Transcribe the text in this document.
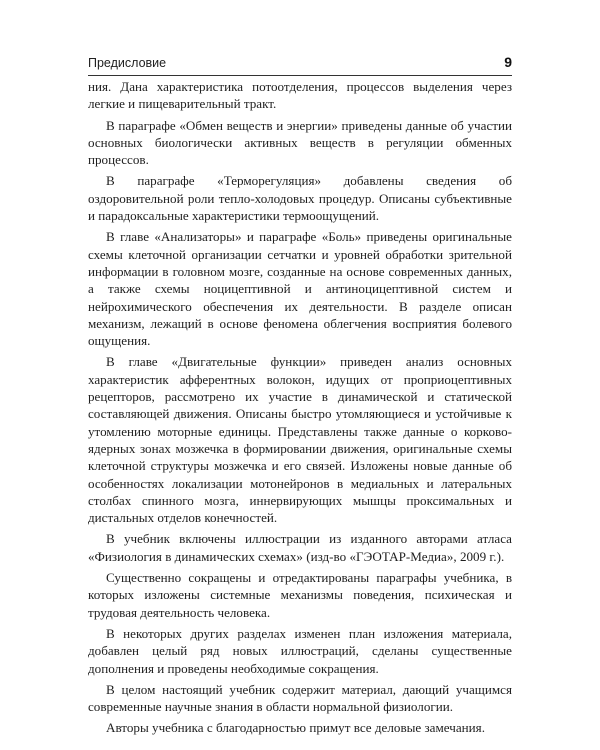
Предисловие	9

ния. Дана характеристика потоотделения, процессов выделения через легкие и пищеварительный тракт.

В параграфе «Обмен веществ и энергии» приведены данные об участии основных биологически активных веществ в регуляции обменных процессов.

В параграфе «Терморегуляция» добавлены сведения об оздоровительной роли тепло-холодовых процедур. Описаны субъективные и парадоксальные характеристики термоощущений.

В главе «Анализаторы» и параграфе «Боль» приведены оригинальные схемы клеточной организации сетчатки и уровней обработки зрительной информации в головном мозге, созданные на основе современных данных, а также схемы ноцицептивной и антиноцицептивной систем и нейрохимического обеспечения их деятельности. В разделе описан механизм, лежащий в основе феномена облегчения восприятия болевого ощущения.

В главе «Двигательные функции» приведен анализ основных характеристик афферентных волокон, идущих от проприоцептивных рецепторов, рассмотрено их участие в динамической и статической составляющей движения. Описаны быстро утомляющиеся и устойчивые к утомлению моторные единицы. Представлены также данные о корково-ядерных зонах мозжечка в формировании движения, оригинальные схемы клеточной структуры мозжечка и его связей. Изложены новые данные об особенностях локализации мотонейронов в медиальных и латеральных столбах спинного мозга, иннервирующих мышцы проксимальных и дистальных отделов конечностей.

В учебник включены иллюстрации из изданного авторами атласа «Физиология в динамических схемах» (изд-во «ГЭОТАР-Медиа», 2009 г.).

Существенно сокращены и отредактированы параграфы учебника, в которых изложены системные механизмы поведения, психическая и трудовая деятельность человека.

В некоторых других разделах изменен план изложения материала, добавлен целый ряд новых иллюстраций, сделаны существенные дополнения и проведены необходимые сокращения.

В целом настоящий учебник содержит материал, дающий учащимся современные научные знания в области нормальной физиологии.

Авторы учебника с благодарностью примут все деловые замечания.
